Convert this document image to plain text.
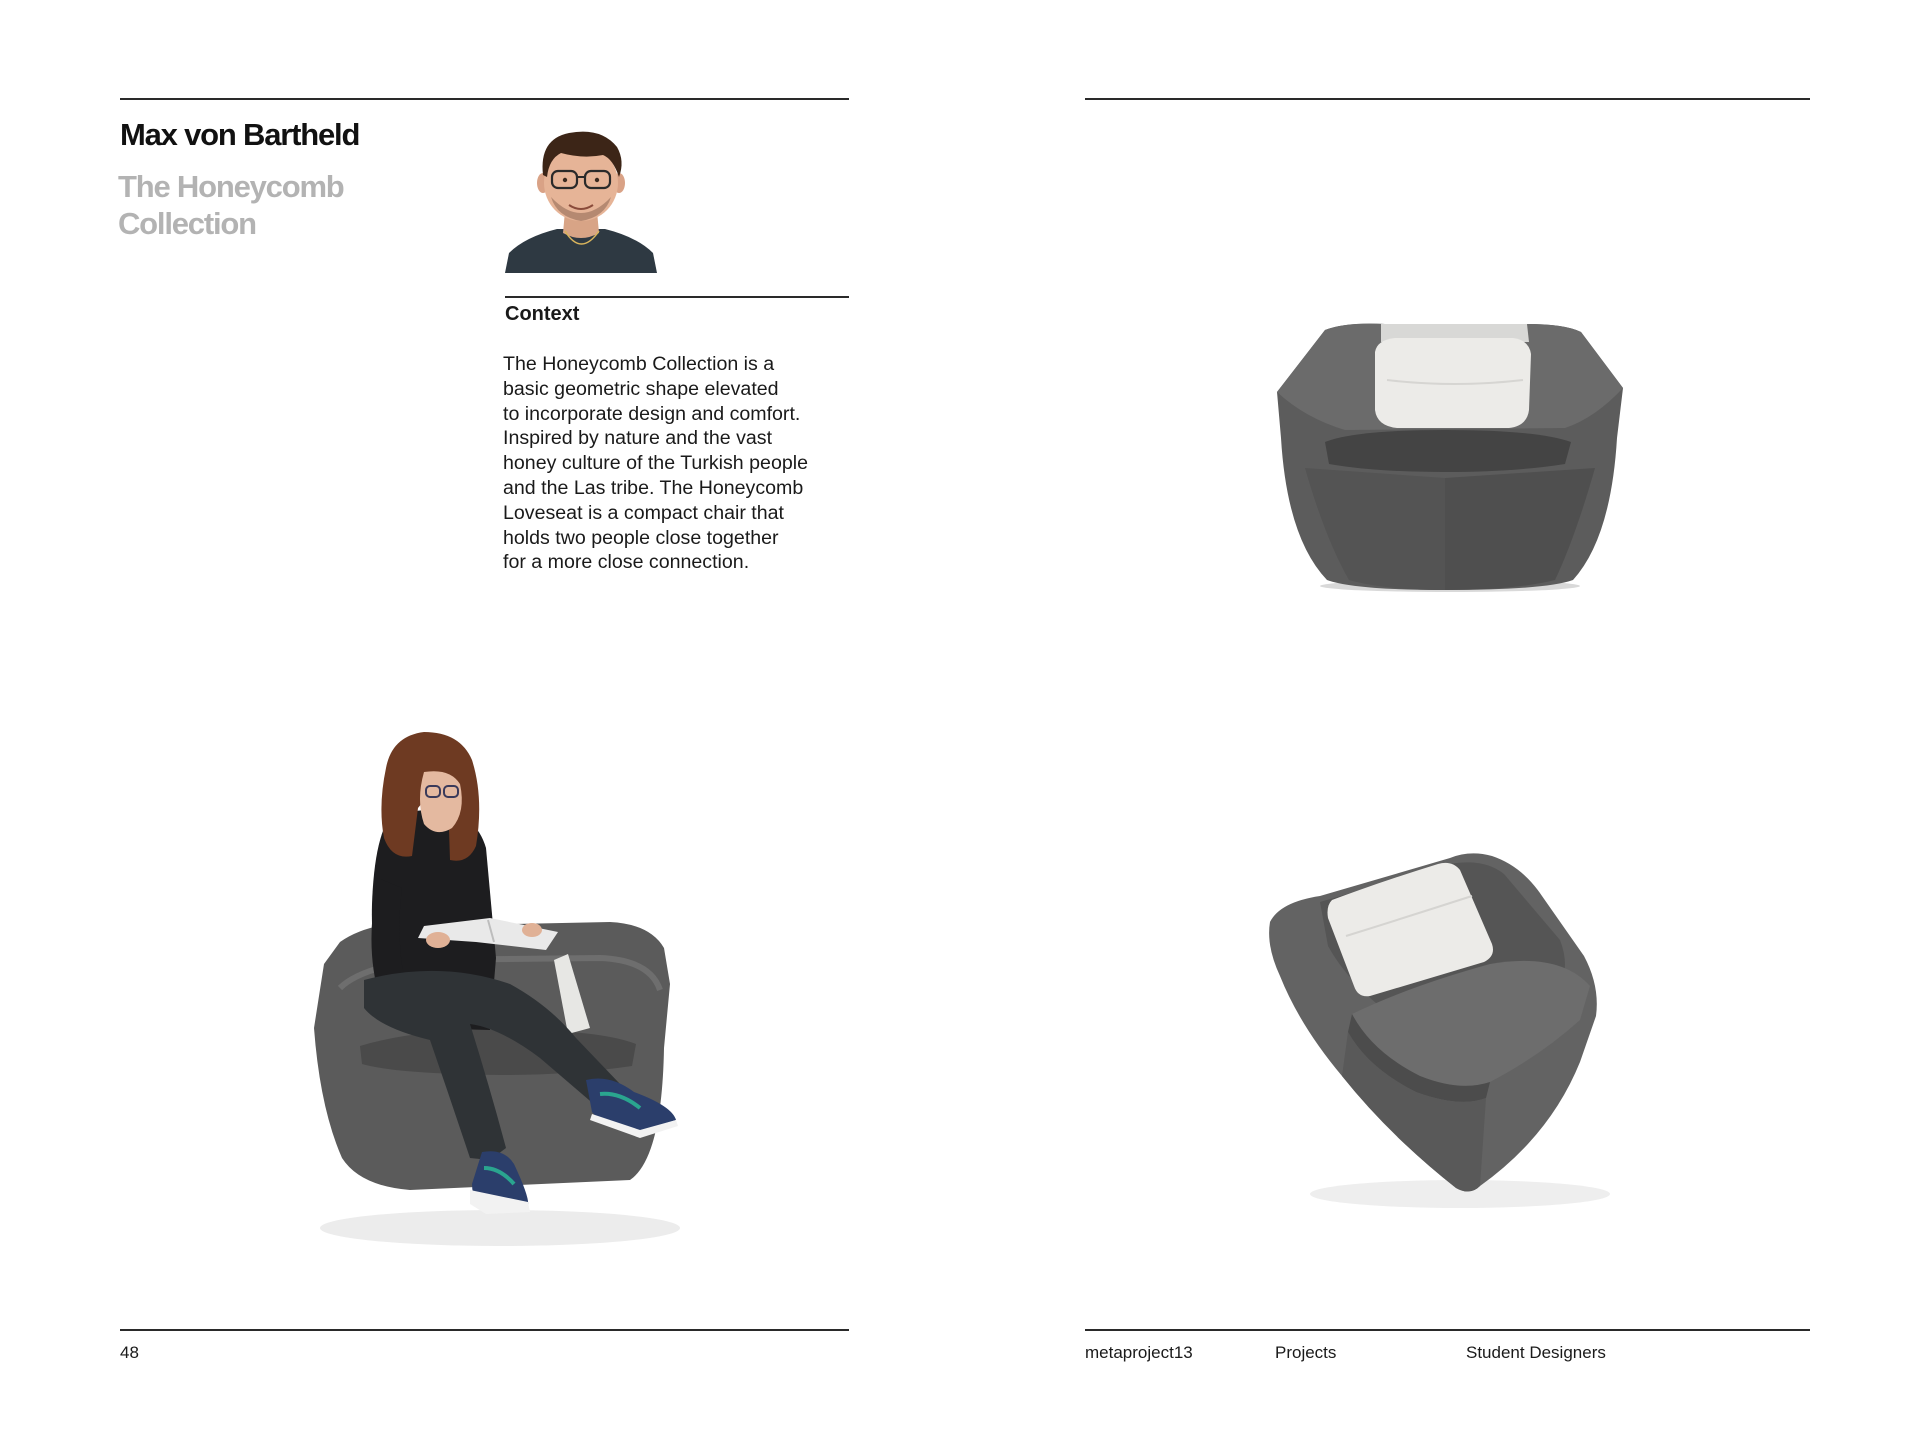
Max von Bartheld
The Honeycomb
Collection
Context
The Honeycomb Collection is a
basic geometric shape elevated
to incorporate design and comfort.
Inspired by nature and the vast
honey culture of the Turkish people
and the Las tribe. The Honeycomb
Loveseat is a compact chair that
holds two people close together
for a more close connection.
48	metaproject13	Projects	Student Designers
